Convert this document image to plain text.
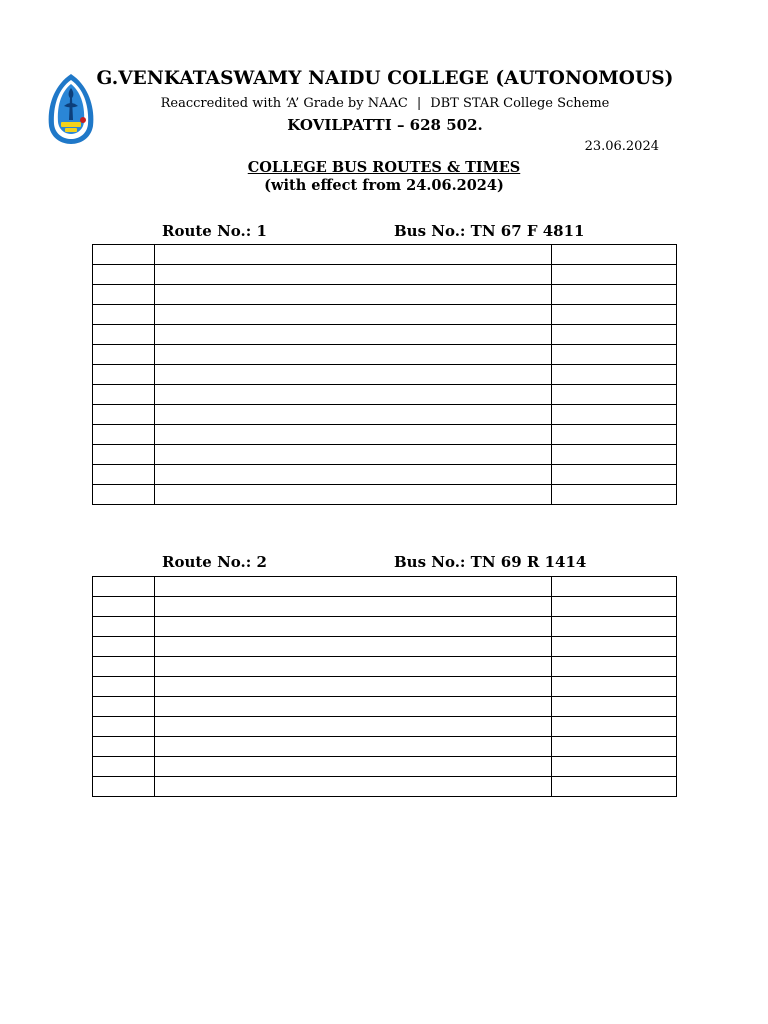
G.VENKATASWAMY NAIDU COLLEGE (AUTONOMOUS)
Reaccredited with ‘A’ Grade by NAAC | DBT STAR College Scheme
KOVILPATTI – 628 502.
23.06.2024
COLLEGE BUS ROUTES & TIMES
(with effect from 24.06.2024)
Route No.: 1	Bus No.: TN 67 F 4811

Route No.: 2	Bus No.: TN 69 R 1414
